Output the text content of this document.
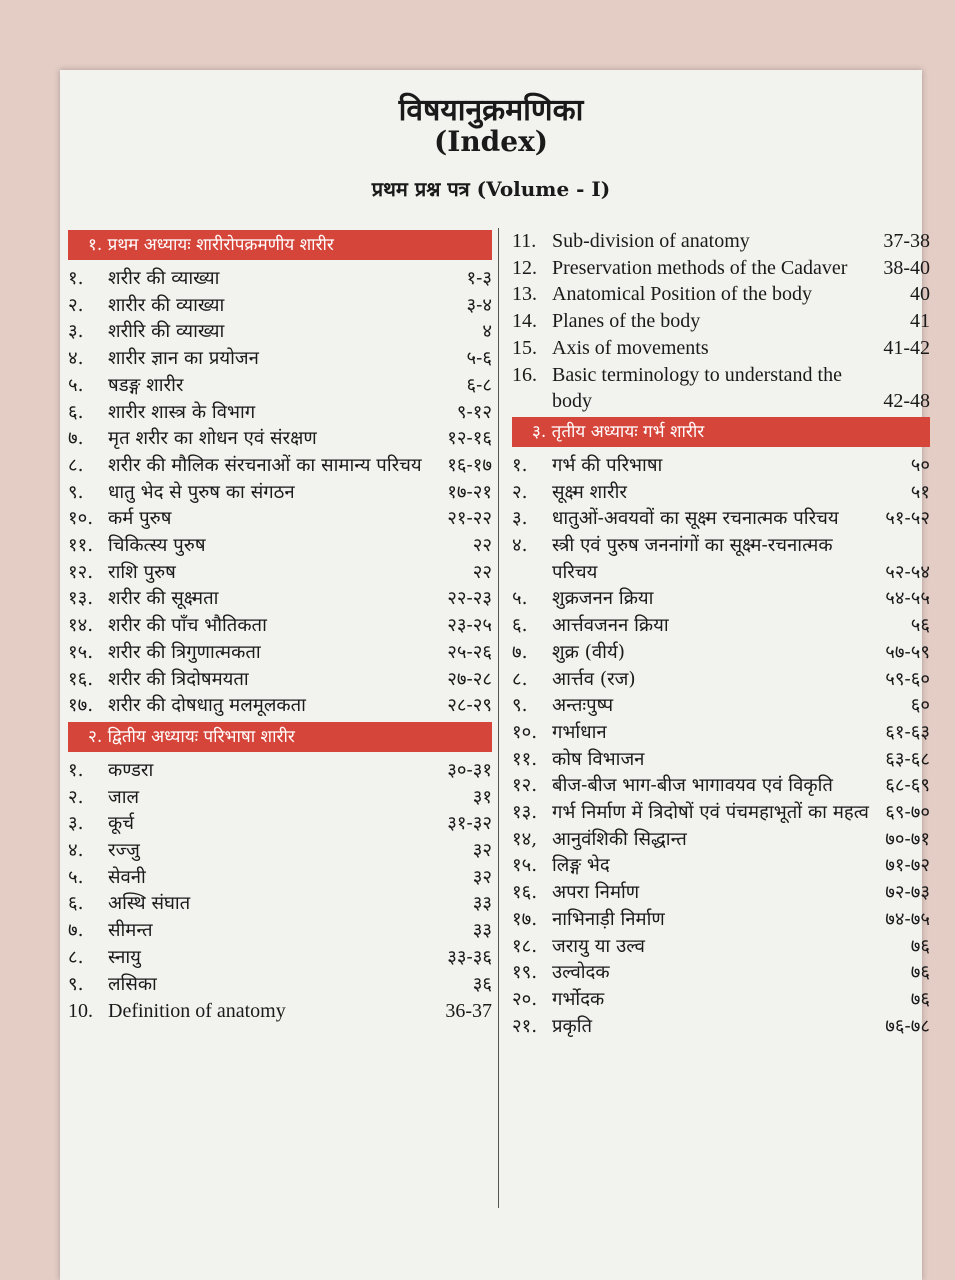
विषयानुक्रमणिका
(Index)
प्रथम प्रश्न पत्र (Volume - I)
१. प्रथम अध्यायः शारीरोपक्रमणीय शारीर
१.	शरीर की व्याख्या	१-३
२.	शारीर की व्याख्या	३-४
३.	शरीरि की व्याख्या	४
४.	शारीर ज्ञान का प्रयोजन	५-६
५.	षडङ्ग शारीर	६-८
६.	शारीर शास्त्र के विभाग	९-१२
७.	मृत शरीर का शोधन एवं संरक्षण	१२-१६
८.	शरीर की मौलिक संरचनाओं का सामान्य परिचय	१६-१७
९.	धातु भेद से पुरुष का संगठन	१७-२१
१०. कर्म पुरुष	२१-२२
११. चिकित्स्य पुरुष	२२
१२. राशि पुरुष	२२
१३. शरीर की सूक्ष्मता	२२-२३
१४. शरीर की पाँच भौतिकता	२३-२५
१५. शरीर की त्रिगुणात्मकता	२५-२६
१६. शरीर की त्रिदोषमयता	२७-२८
१७. शरीर की दोषधातु मलमूलकता	२८-२९
२. द्वितीय अध्यायः परिभाषा शारीर
१.	कण्डरा	३०-३१
२.	जाल	३१
३.	कूर्च	३१-३२
४.	रज्जु	३२
५.	सेवनी	३२
६.	अस्थि संघात	३३
७.	सीमन्त	३३
८.	स्नायु	३३-३६
९.	लसिका	३६
10. Definition of anatomy	36-37
11. Sub-division of anatomy	37-38
12. Preservation methods of the Cadaver	38-40
13. Anatomical Position of the body	40
14. Planes of the body	41
15. Axis of movements	41-42
16. Basic terminology to understand the body	42-48
३. तृतीय अध्यायः गर्भ शारीर
१.	गर्भ की परिभाषा	५०
२.	सूक्ष्म शारीर	५१
३.	धातुओं-अवयवों का सूक्ष्म रचनात्मक परिचय	५१-५२
४.	स्त्री एवं पुरुष जननांगों का सूक्ष्म-रचनात्मक परिचय	५२-५४
५.	शुक्रजनन क्रिया	५४-५५
६.	आर्त्तवजनन क्रिया	५६
७.	शुक्र (वीर्य)	५७-५९
८.	आर्त्तव (रज)	५९-६०
९.	अन्तःपुष्प	६०
१०. गर्भाधान	६१-६३
११. कोष विभाजन	६३-६८
१२. बीज-बीज भाग-बीज भागावयव एवं विकृति	६८-६९
१३. गर्भ निर्माण में त्रिदोषों एवं पंचमहाभूतों का महत्व ६९-७०
१४, आनुवंशिकी सिद्धान्त	७०-७१
१५. लिङ्ग भेद	७१-७२
१६. अपरा निर्माण	७२-७३
१७. नाभिनाड़ी निर्माण	७४-७५
१८. जरायु या उल्व	७६
१९. उल्वोदक	७६
२०. गर्भोदक	७६
२१. प्रकृति	७६-७८
